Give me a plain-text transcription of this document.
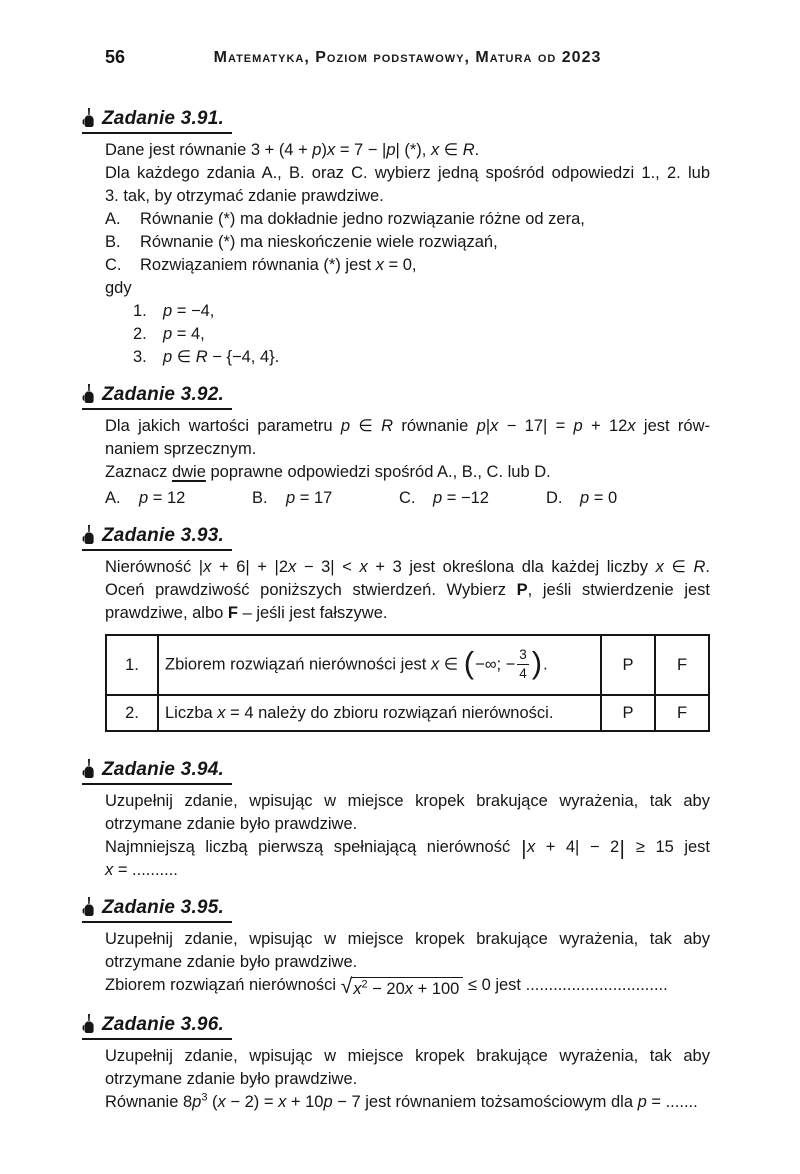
56	Matematyka, Poziom podstawowy, Matura od 2023
Zadanie 3.91.
Dane jest równanie 3 + (4 + p)x = 7 − |p| (*), x ∈ R.
Dla każdego zdania A., B. oraz C. wybierz jedną spośród odpowiedzi 1., 2. lub
3. tak, by otrzymać zdanie prawdziwe.
A.	Równanie (*) ma dokładnie jedno rozwiązanie różne od zera,
B.	Równanie (*) ma nieskończenie wiele rozwiązań,
C.	Rozwiązaniem równania (*) jest x = 0,
gdy
1. p = −4,
2. p = 4,
3. p ∈ R − {−4, 4}.
Zadanie 3.92.
Dla jakich wartości parametru p ∈ R równanie p|x − 17| = p + 12x jest rów-
naniem sprzecznym.
Zaznacz dwie poprawne odpowiedzi spośród A., B., C. lub D.
A.	p = 12	B.	p = 17	C.	p = −12	D.	p = 0
Zadanie 3.93.
Nierówność |x + 6| + |2x − 3| < x + 3 jest określona dla każdej liczby x ∈ R.
Oceń prawdziwość poniższych stwierdzeń. Wybierz P, jeśli stwierdzenie jest
prawdziwe, albo F – jeśli jest fałszywe.
1.	Zbiorem rozwiązań nierówności jest x ∈ (−∞; − $\frac{3}{4}$ ).	P	F
2.	Liczba x = 4 należy do zbioru rozwiązań nierówności.	P	F
Zadanie 3.94.
Uzupełnij zdanie, wpisując w miejsce kropek brakujące wyrażenia, tak aby
otrzymane zdanie było prawdziwe.
Najmniejszą liczbą pierwszą spełniającą nierówność |x + 4| − 2| ≥ 15 jest
x = ..........
Zadanie 3.95.
Uzupełnij zdanie, wpisując w miejsce kropek brakujące wyrażenia, tak aby
otrzymane zdanie było prawdziwe.
Zbiorem rozwiązań nierówności √ $x^2 - 20x + 100 \le 0$ jest ...............................
Zadanie 3.96.
Uzupełnij zdanie, wpisując w miejsce kropek brakujące wyrażenia, tak aby
otrzymane zdanie było prawdziwe.
Równanie $8p^3$ (x − 2) = x + 10p − 7 jest równaniem tożsamościowym dla p = .......
